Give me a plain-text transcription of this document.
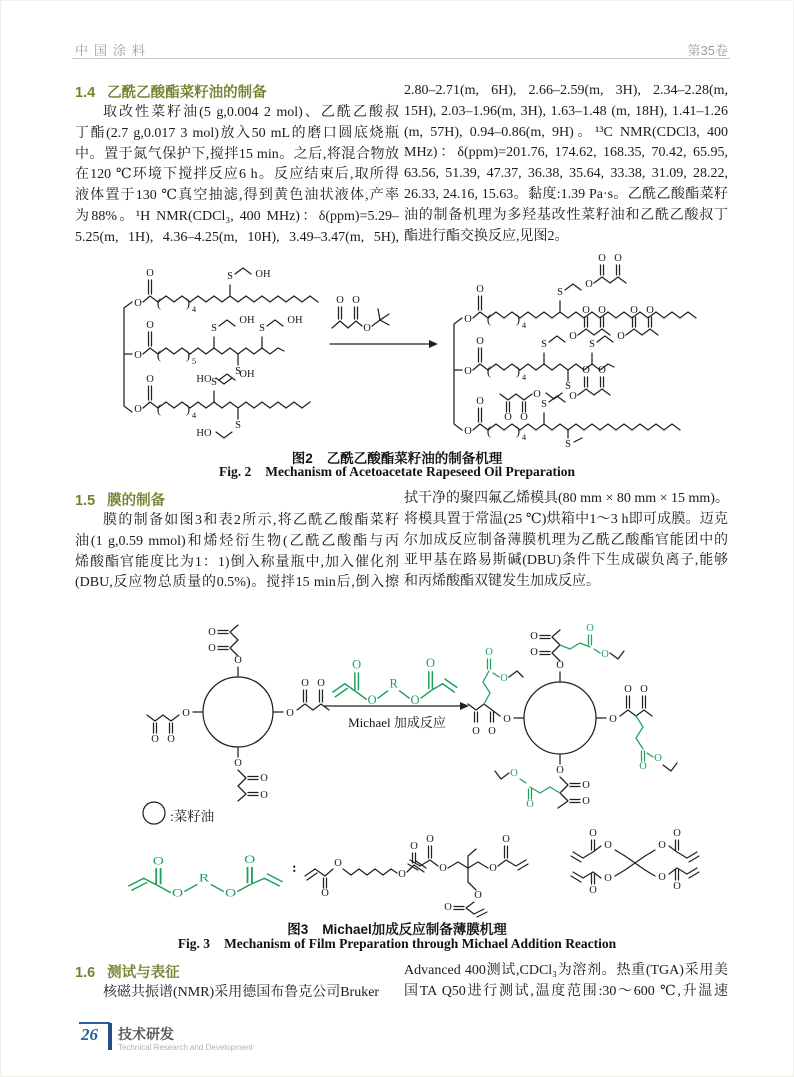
中国涂料	第35卷
1.4 乙酰乙酸酯菜籽油的制备
取改性菜籽油(5 g,0.004 2 mol)、乙酰乙酸叔
丁酯(2.7 g,0.017 3 mol)放入50 mL的磨口圆底烧瓶
中。置于氮气保护下,搅拌15 min。之后,将混合物放
在120 ℃环境下搅拌反应6 h。反应结束后,取所得
液体置于130 ℃真空抽滤,得到黄色油状液体,产率
为88%。¹H NMR(CDCl₃, 400 MHz)：δ(ppm)=5.29–
5.25(m, 1H), 4.36–4.25(m, 10H), 3.49–3.47(m, 5H),
2.80–2.71(m, 6H), 2.66–2.59(m, 3H), 2.34–2.28(m,
15H), 2.03–1.96(m, 3H), 1.63–1.48 (m, 18H), 1.41–1.26
(m, 57H), 0.94–0.86(m, 9H)。¹³C NMR(CDCl3, 400
MHz)：δ(ppm)=201.76, 174.62, 168.35, 70.42, 65.95,
63.56, 51.39, 47.37, 36.38, 35.64, 33.38, 31.09, 28.22,
26.33, 24.16, 15.63。黏度:1.39 Pa·s。乙酰乙酸酯菜籽
油的制备机理为多羟基改性菜籽油和乙酰乙酸叔丁
酯进行酯交换反应,见图2。
O
O ( ) 4
S OH
O
O ( ) 5
S
OH
S
OH
S
HO
O
O ( ) 4
S
OH
S
HO
O O
O
O
O ( ) 4
S
O
O O
O
O ( ) 4
S
O
O O
S
O
O O
S
O
O
O
O
O ( ) 4
S
O
O O
S
图2 乙酰乙酸酯菜籽油的制备机理
Fig. 2 Mechanism of Acetoacetate Rapeseed Oil Preparation
1.5 膜的制备
膜的制备如图3和表2所示,将乙酰乙酸酯菜籽
油(1 g,0.59 mmol)和烯烃衍生物(乙酰乙酸酯与丙
烯酸酯官能度比为1：1)倒入称量瓶中,加入催化剂
(DBU,反应物总质量的0.5%)。搅拌15 min后,倒入擦
拭干净的聚四氟乙烯模具(80 mm × 80 mm × 15 mm)。
将模具置于常温(25 ℃)烘箱中1～3 h即可成膜。迈克
尔加成反应制备薄膜机理为乙酰乙酸酯官能团中的
亚甲基在路易斯碱(DBU)条件下生成碳负离子,能够
和丙烯酸酯双键发生加成反应。
O
O
O
O
O O
O
O
O
O
O
O
O
O
R
O
O
Michael 加成反应	O
O O
O
O
O
O
O
O
O
O
O
O
O
O
O
O
O
O
O
:菜籽油
O
O
R
O
O
:
O
O
O
O
O
O
O
O
O
O
O
O
O
O
O
O
O
O
图3 Michael加成反应制备薄膜机理
Fig. 3 Mechanism of Film Preparation through Michael Addition Reaction
1.6 测试与表征
核磁共振谱(NMR)采用德国布鲁克公司Bruker
Advanced 400测试,CDCl₃为溶剂。热重(TGA)采用美
国TA Q50进行测试,温度范围:30～600 ℃,升温速
26 技术研发
Technical Research and Development
